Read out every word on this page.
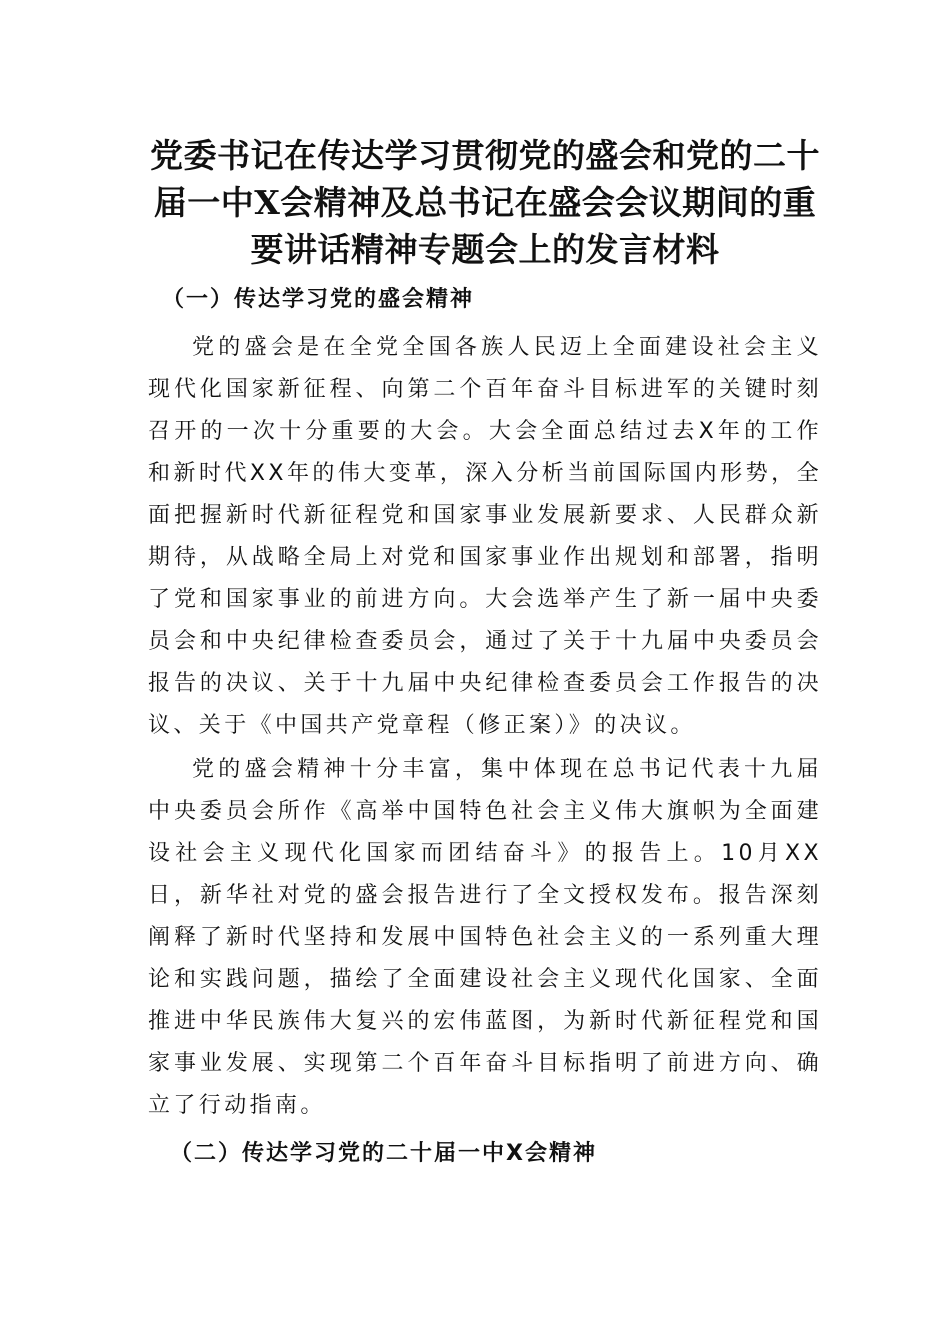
党委书记在传达学习贯彻党的盛会和党的二十届一中X会精神及总书记在盛会会议期间的重要讲话精神专题会上的发言材料
（一）传达学习党的盛会精神

党的盛会是在全党全国各族人民迈上全面建设社会主义现代化国家新征程、向第二个百年奋斗目标进军的关键时刻召开的一次十分重要的大会。大会全面总结过去X年的工作和新时代XX年的伟大变革，深入分析当前国际国内形势，全面把握新时代新征程党和国家事业发展新要求、人民群众新期待，从战略全局上对党和国家事业作出规划和部署，指明了党和国家事业的前进方向。大会选举产生了新一届中央委员会和中央纪律检查委员会，通过了关于十九届中央委员会报告的决议、关于十九届中央纪律检查委员会工作报告的决议、关于《中国共产党章程（修正案）》的决议。

党的盛会精神十分丰富，集中体现在总书记代表十九届中央委员会所作《高举中国特色社会主义伟大旗帜为全面建设社会主义现代化国家而团结奋斗》的报告上。10月XX日，新华社对党的盛会报告进行了全文授权发布。报告深刻阐释了新时代坚持和发展中国特色社会主义的一系列重大理论和实践问题，描绘了全面建设社会主义现代化国家、全面推进中华民族伟大复兴的宏伟蓝图，为新时代新征程党和国家事业发展、实现第二个百年奋斗目标指明了前进方向、确立了行动指南。

（二）传达学习党的二十届一中X会精神
